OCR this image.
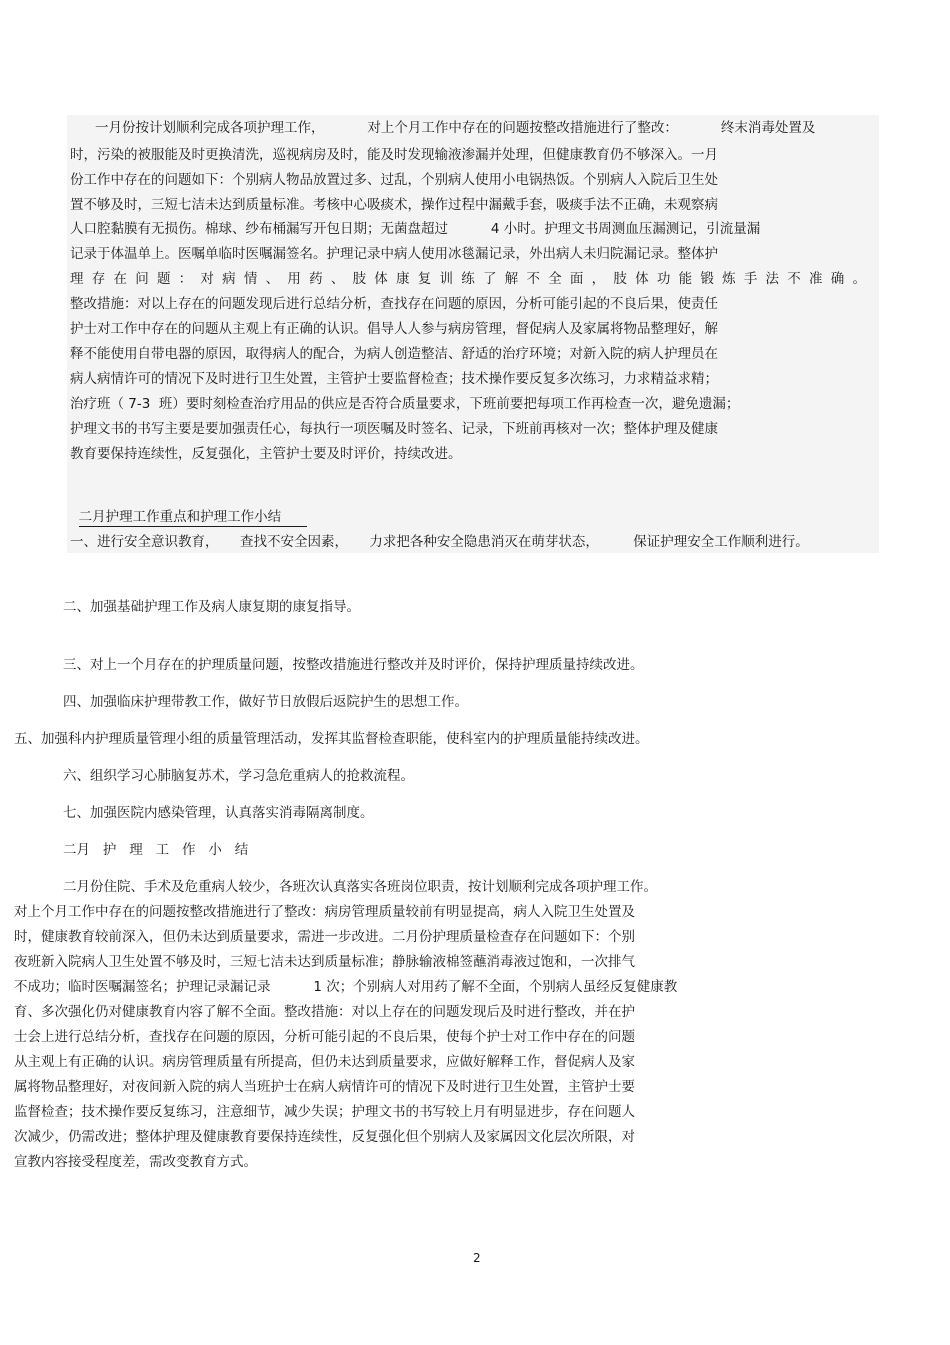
一月份按计划顺利完成各项护理工作，          对上个月工作中存在的问题按整改措施进行了整改：          终末消毒处置及
时，污染的被服能及时更换清洗，巡视病房及时，能及时发现输液渗漏并处理，但健康教育仍不够深入。一月
份工作中存在的问题如下：个别病人物品放置过多、过乱，个别病人使用小电锅热饭。个别病人入院后卫生处
置不够及时，三短七洁未达到质量标准。考核中心吸痰术，操作过程中漏戴手套，吸痰手法不正确，未观察病
人口腔黏膜有无损伤。棉球、纱布桶漏写开包日期；无菌盘超过          4 小时。护理文书周测血压漏测记，引流量漏
记录于体温单上。医嘱单临时医嘱漏签名。护理记录中病人使用冰毯漏记录，外出病人未归院漏记录。整体护
理存在问题：对病情、用药、肢体康复训练了解不全面，肢体功能锻炼手法不准确。
整改措施：对以上存在的问题发现后进行总结分析，查找存在问题的原因，分析可能引起的不良后果，使责任
护士对工作中存在的问题从主观上有正确的认识。倡导人人参与病房管理，督促病人及家属将物品整理好，解
释不能使用自带电器的原因，取得病人的配合，为病人创造整洁、舒适的治疗环境；对新入院的病人护理员在
病人病情许可的情况下及时进行卫生处置，主管护士要监督检查；技术操作要反复多次练习，力求精益求精；
治疗班（ 7-3  班）要时刻检查治疗用品的供应是否符合质量要求，下班前要把每项工作再检查一次，避免遗漏；
护理文书的书写主要是要加强责任心，每执行一项医嘱及时签名、记录，下班前再核对一次；整体护理及健康
教育要保持连续性，反复强化，主管护士要及时评价，持续改进。

二月护理工作重点和护理工作小结

一、进行安全意识教育，     查找不安全因素，     力求把各种安全隐患消灭在萌芽状态，        保证护理安全工作顺利进行。
二、加强基础护理工作及病人康复期的康复指导。
三、对上一个月存在的护理质量问题，按整改措施进行整改并及时评价，保持护理质量持续改进。
四、加强临床护理带教工作，做好节日放假后返院护生的思想工作。
五、加强科内护理质量管理小组的质量管理活动，发挥其监督检查职能，使科室内的护理质量能持续改进。
六、组织学习心肺脑复苏术，学习急危重病人的抢救流程。
七、加强医院内感染管理，认真落实消毒隔离制度。
二月   护   理   工   作   小   结
二月份住院、手术及危重病人较少，各班次认真落实各班岗位职责，按计划顺利完成各项护理工作。
对上个月工作中存在的问题按整改措施进行了整改：病房管理质量较前有明显提高，病人入院卫生处置及
时，健康教育较前深入，但仍未达到质量要求，需进一步改进。二月份护理质量检查存在问题如下：个别
夜班新入院病人卫生处置不够及时，三短七洁未达到质量标准；静脉输液棉签蘸消毒液过饱和，一次排气
不成功；临时医嘱漏签名；护理记录漏记录          1 次；个别病人对用药了解不全面，个别病人虽经反复健康教
育、多次强化仍对健康教育内容了解不全面。整改措施：对以上存在的问题发现后及时进行整改，并在护
士会上进行总结分析，查找存在问题的原因，分析可能引起的不良后果，使每个护士对工作中存在的问题
从主观上有正确的认识。病房管理质量有所提高，但仍未达到质量要求，应做好解释工作，督促病人及家
属将物品整理好，对夜间新入院的病人当班护士在病人病情许可的情况下及时进行卫生处置，主管护士要
监督检查；技术操作要反复练习，注意细节，减少失误；护理文书的书写较上月有明显进步，存在问题人
次减少，仍需改进；整体护理及健康教育要保持连续性，反复强化但个别病人及家属因文化层次所限，对
宣教内容接受程度差，需改变教育方式。
2
